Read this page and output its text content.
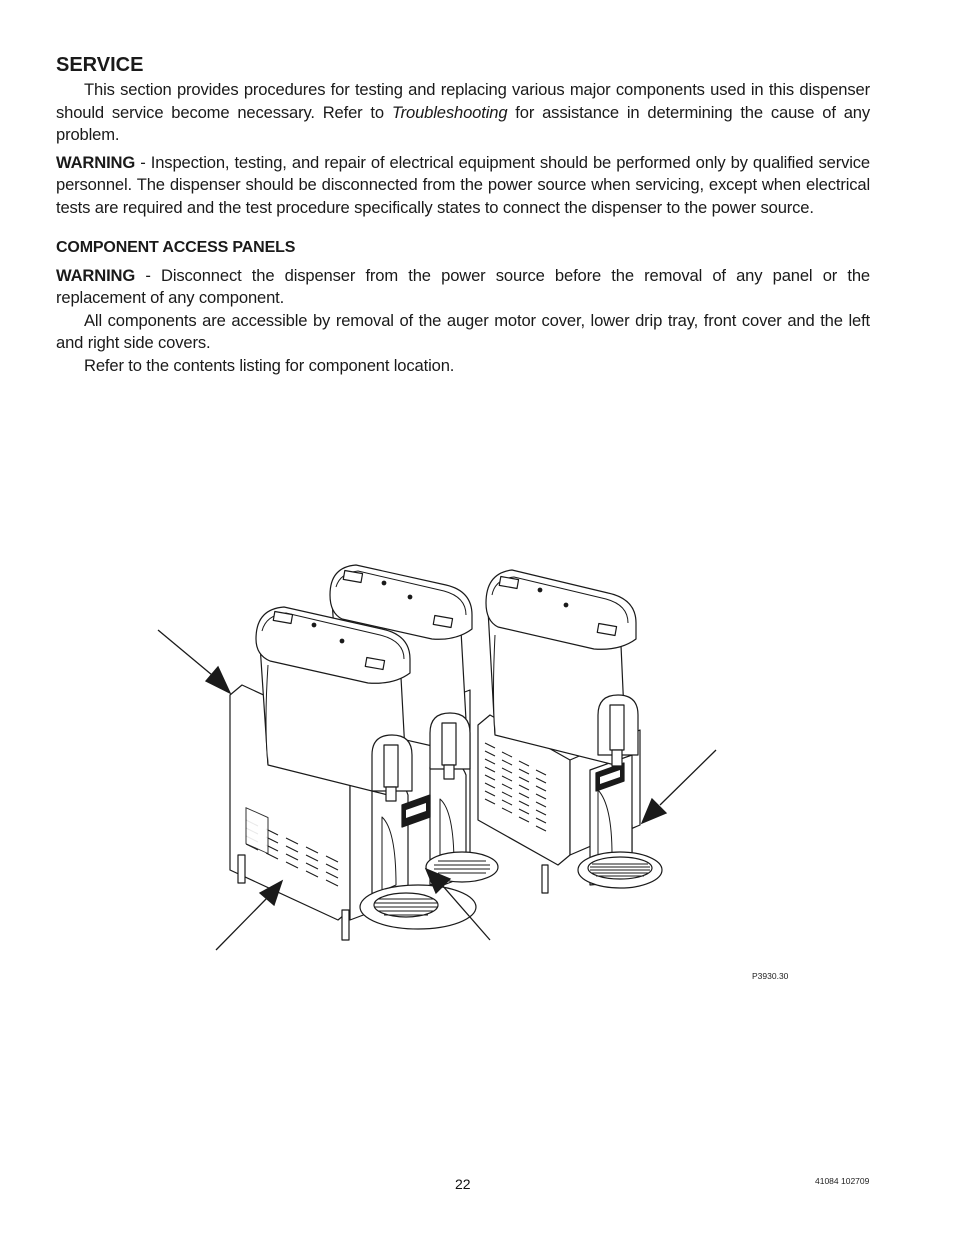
SERVICE

This section provides procedures for testing and replacing various major components used in this dispenser should service become necessary. Refer to Troubleshooting for assistance in determining the cause of any problem.

WARNING - Inspection, testing, and repair of electrical equipment should be performed only by qualified service personnel. The dispenser should be disconnected from the power source when servicing, except when electrical tests are required and the test procedure specifically states to connect the dispenser to the power source.

COMPONENT ACCESS PANELS

WARNING - Disconnect the dispenser from the power source before the removal of any panel or the replacement of any component.

All components are accessible by removal of the auger motor cover, lower drip tray, front cover and the left and right side covers.

Refer to the contents listing for component location.

P3930.30
22	41084 102709
